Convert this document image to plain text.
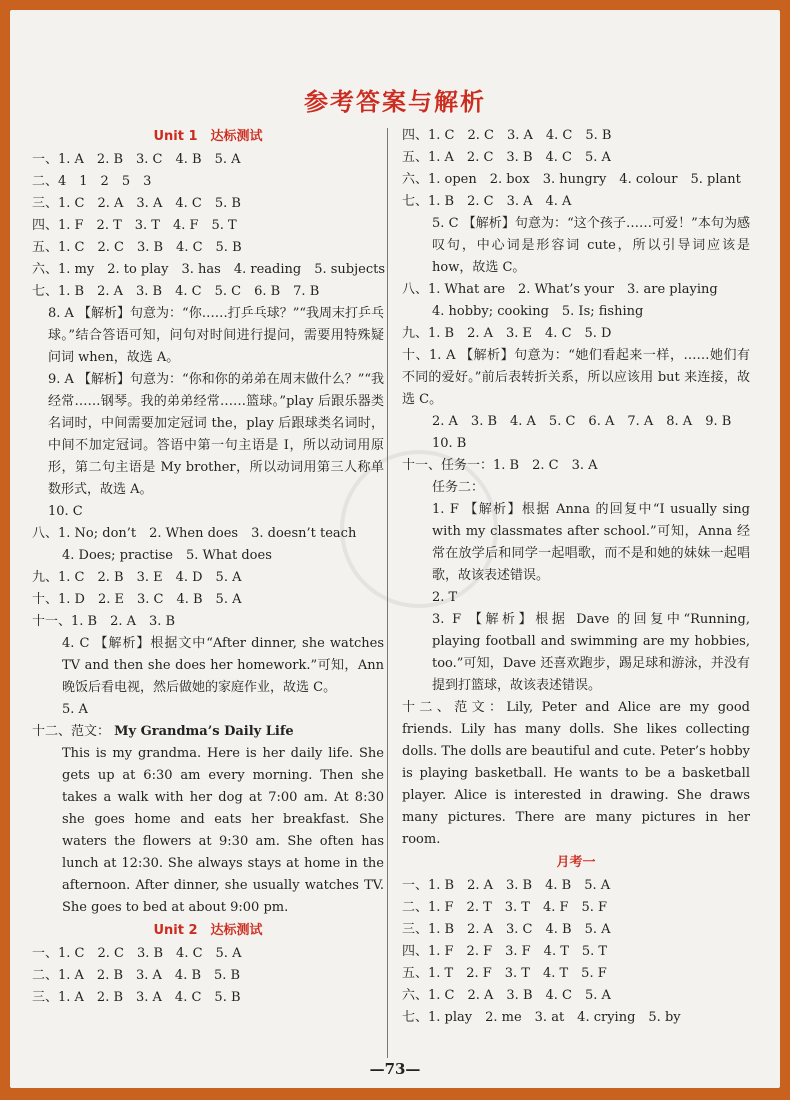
参考答案与解析
Unit 1　达标测试
一、1. A　2. B　3. C　4. B　5. A
二、4　1　2　5　3
三、1. C　2. A　3. A　4. C　5. B
四、1. F　2. T　3. T　4. F　5. T
五、1. C　2. C　3. B　4. C　5. B
六、1. my　2. to play　3. has　4. reading　5. subjects
七、1. B　2. A　3. B　4. C　5. C　6. B　7. B
8. A 【解析】句意为：“你……打乒乓球？”“我周末打乒乓球。”结合答语可知，问句对时间进行提问，需要用特殊疑问词 when，故选 A。
9. A 【解析】句意为：“你和你的弟弟在周末做什么？”“我经常……钢琴。我的弟弟经常……篮球。”play 后跟乐器类名词时，中间需要加定冠词 the，play 后跟球类名词时，中间不加定冠词。答语中第一句主语是 I，所以动词用原形，第二句主语是 My brother，所以动词用第三人称单数形式，故选 A。
10. C
八、1. No; don’t　2. When does　3. doesn’t teach
4. Does; practise　5. What does
九、1. C　2. B　3. E　4. D　5. A
十、1. D　2. E　3. C　4. B　5. A
十一、1. B　2. A　3. B
4. C 【解析】根据文中“After dinner, she watches TV and then she does her homework.”可知，Ann 晚饭后看电视，然后做她的家庭作业，故选 C。
5. A
十二、范文： My Grandma’s Daily Life
This is my grandma. Here is her daily life. She gets up at 6:30 am every morning. Then she takes a walk with her dog at 7:00 am. At 8:30 she goes home and eats her breakfast. She waters the flowers at 9:30 am. She often has lunch at 12:30. She always stays at home in the afternoon. After dinner, she usually watches TV. She goes to bed at about 9:00 pm.
Unit 2　达标测试
一、1. C　2. C　3. B　4. C　5. A
二、1. A　2. B　3. A　4. B　5. B
三、1. A　2. B　3. A　4. C　5. B
四、1. C　2. C　3. A　4. C　5. B
五、1. A　2. C　3. B　4. C　5. A
六、1. open　2. box　3. hungry　4. colour　5. plant
七、1. B　2. C　3. A　4. A
5. C 【解析】句意为：“这个孩子……可爱！”本句为感叹句，中心词是形容词 cute，所以引导词应该是 how，故选 C。
八、1. What are　2. What’s your　3. are playing
4. hobby; cooking　5. Is; fishing
九、1. B　2. A　3. E　4. C　5. D
十、1. A 【解析】句意为：“她们看起来一样，……她们有不同的爱好。”前后表转折关系，所以应该用 but 来连接，故选 C。
2. A　3. B　4. A　5. C　6. A　7. A　8. A　9. B
10. B
十一、任务一：1. B　2. C　3. A
任务二：
1. F 【解析】根据 Anna 的回复中“I usually sing with my classmates after school.”可知，Anna 经常在放学后和同学一起唱歌，而不是和她的妹妹一起唱歌，故该表述错误。
2. T
3. F 【解析】根据 Dave 的回复中“Running, playing football and swimming are my hobbies, too.”可知，Dave 还喜欢跑步，踢足球和游泳，并没有提到打篮球，故该表述错误。
十二、范文：Lily, Peter and Alice are my good friends. Lily has many dolls. She likes collecting dolls. The dolls are beautiful and cute. Peter’s hobby is playing basketball. He wants to be a basketball player. Alice is interested in drawing. She draws many pictures. There are many pictures in her room.
月考一
一、1. B　2. A　3. B　4. B　5. A
二、1. F　2. T　3. T　4. F　5. F
三、1. B　2. A　3. C　4. B　5. A
四、1. F　2. F　3. F　4. T　5. T
五、1. T　2. F　3. T　4. T　5. F
六、1. C　2. A　3. B　4. C　5. A
七、1. play　2. me　3. at　4. crying　5. by
—73—
